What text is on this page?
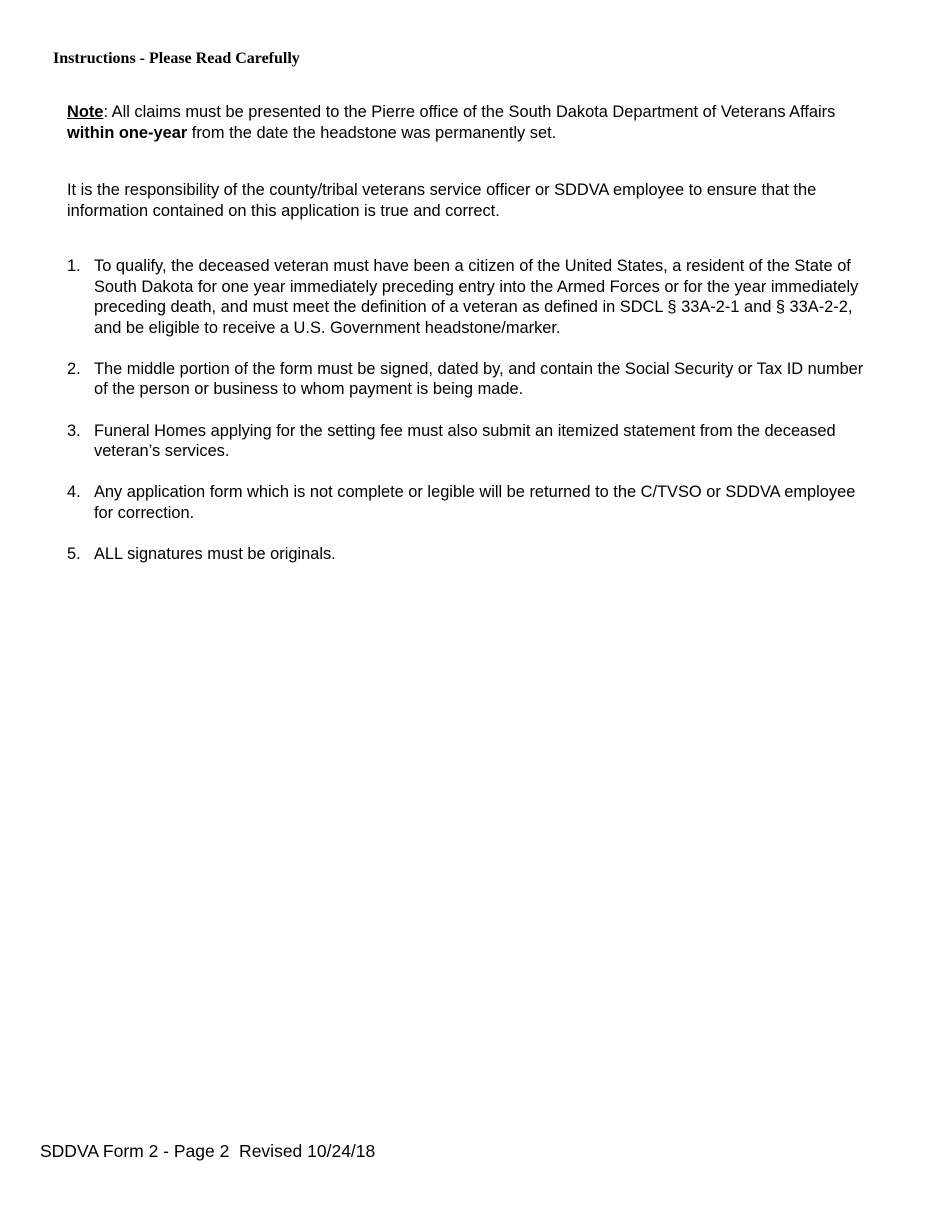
Instructions - Please Read Carefully

Note: All claims must be presented to the Pierre office of the South Dakota Department of Veterans Affairs within one-year from the date the headstone was permanently set.

It is the responsibility of the county/tribal veterans service officer or SDDVA employee to ensure that the information contained on this application is true and correct.

1. To qualify, the deceased veteran must have been a citizen of the United States, a resident of the State of South Dakota for one year immediately preceding entry into the Armed Forces or for the year immediately preceding death, and must meet the definition of a veteran as defined in SDCL § 33A-2-1 and § 33A-2-2, and be eligible to receive a U.S. Government headstone/marker.
2. The middle portion of the form must be signed, dated by, and contain the Social Security or Tax ID number of the person or business to whom payment is being made.
3. Funeral Homes applying for the setting fee must also submit an itemized statement from the deceased veteran’s services.
4. Any application form which is not complete or legible will be returned to the C/TVSO or SDDVA employee for correction.
5. ALL signatures must be originals.

SDDVA Form 2 - Page 2  Revised 10/24/18
